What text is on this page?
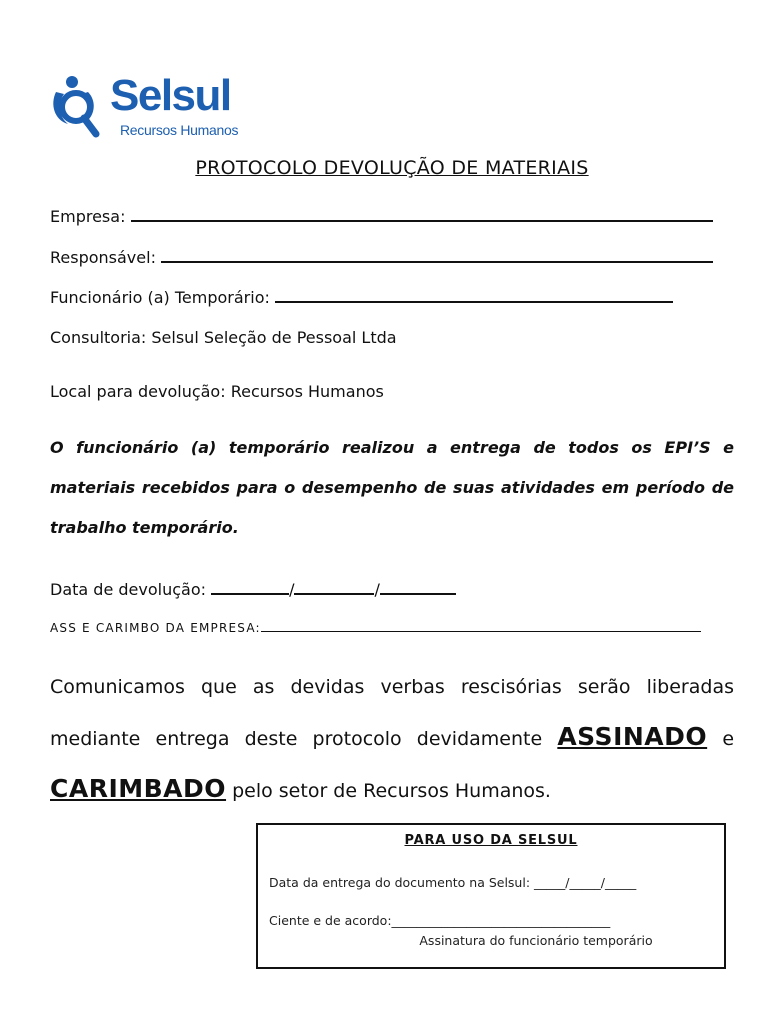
Selsul
Recursos Humanos
PROTOCOLO DEVOLUÇÃO DE MATERIAIS
Empresa:
Responsável:
Funcionário (a) Temporário:
Consultoria: Selsul Seleção de Pessoal Ltda
Local para devolução: Recursos Humanos
O funcionário (a) temporário realizou a entrega de todos os EPI’S e materiais recebidos para o desempenho de suas atividades em período de trabalho temporário.
Data de devolução:	/	/
ASS E CARIMBO DA EMPRESA:
Comunicamos que as devidas verbas rescisórias serão liberadas mediante entrega deste protocolo devidamente ASSINADO e CARIMBADO pelo setor de Recursos Humanos.
PARA USO DA SELSUL
Data da entrega do documento na Selsul: _____/_____/_____
Ciente e de acordo:___________________________________
Assinatura do funcionário temporário
